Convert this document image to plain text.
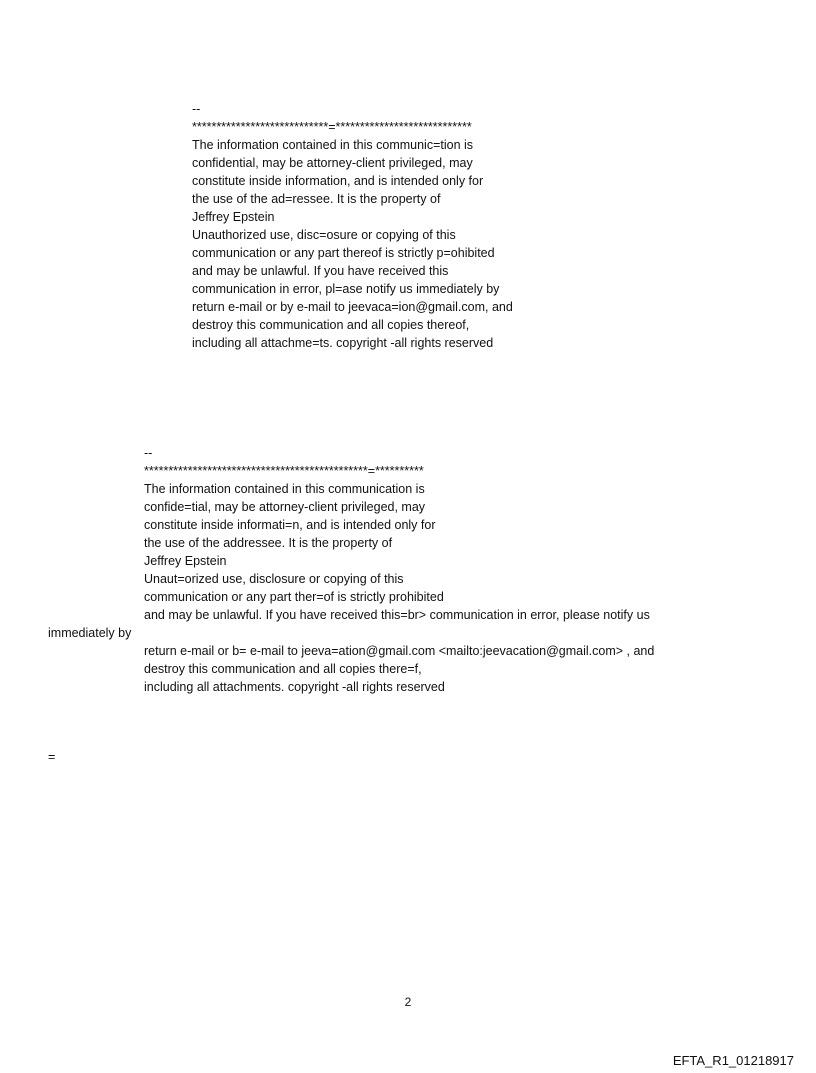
--
****************************=****************************
The information contained in this communic=tion is
confidential, may be attorney-client privileged, may
constitute inside information, and is intended only for
the use of the ad=ressee. It is the property of
Jeffrey Epstein
Unauthorized use, disc=osure or copying of this
communication or any part thereof is strictly p=ohibited
and may be unlawful. If you have received this
communication in error, pl=ase notify us immediately by
return e-mail or by e-mail to jeevaca=ion@gmail.com, and
destroy this communication and all copies thereof,
including all attachme=ts. copyright -all rights reserved
--
**********************************************=**********
The information contained in this communication is
confide=tial, may be attorney-client privileged, may
constitute inside informati=n, and is intended only for
the use of the addressee. It is the property of
Jeffrey Epstein
Unaut=orized use, disclosure or copying of this
communication or any part ther=of is strictly prohibited
and may be unlawful. If you have received this=br> communication in error, please notify us
immediately by
return e-mail or b= e-mail to jeeva=ation@gmail.com <mailto:jeevacation@gmail.com> , and
destroy this communication and all copies there=f,
including all attachments. copyright -all rights reserved
=
2
EFTA_R1_01218917
